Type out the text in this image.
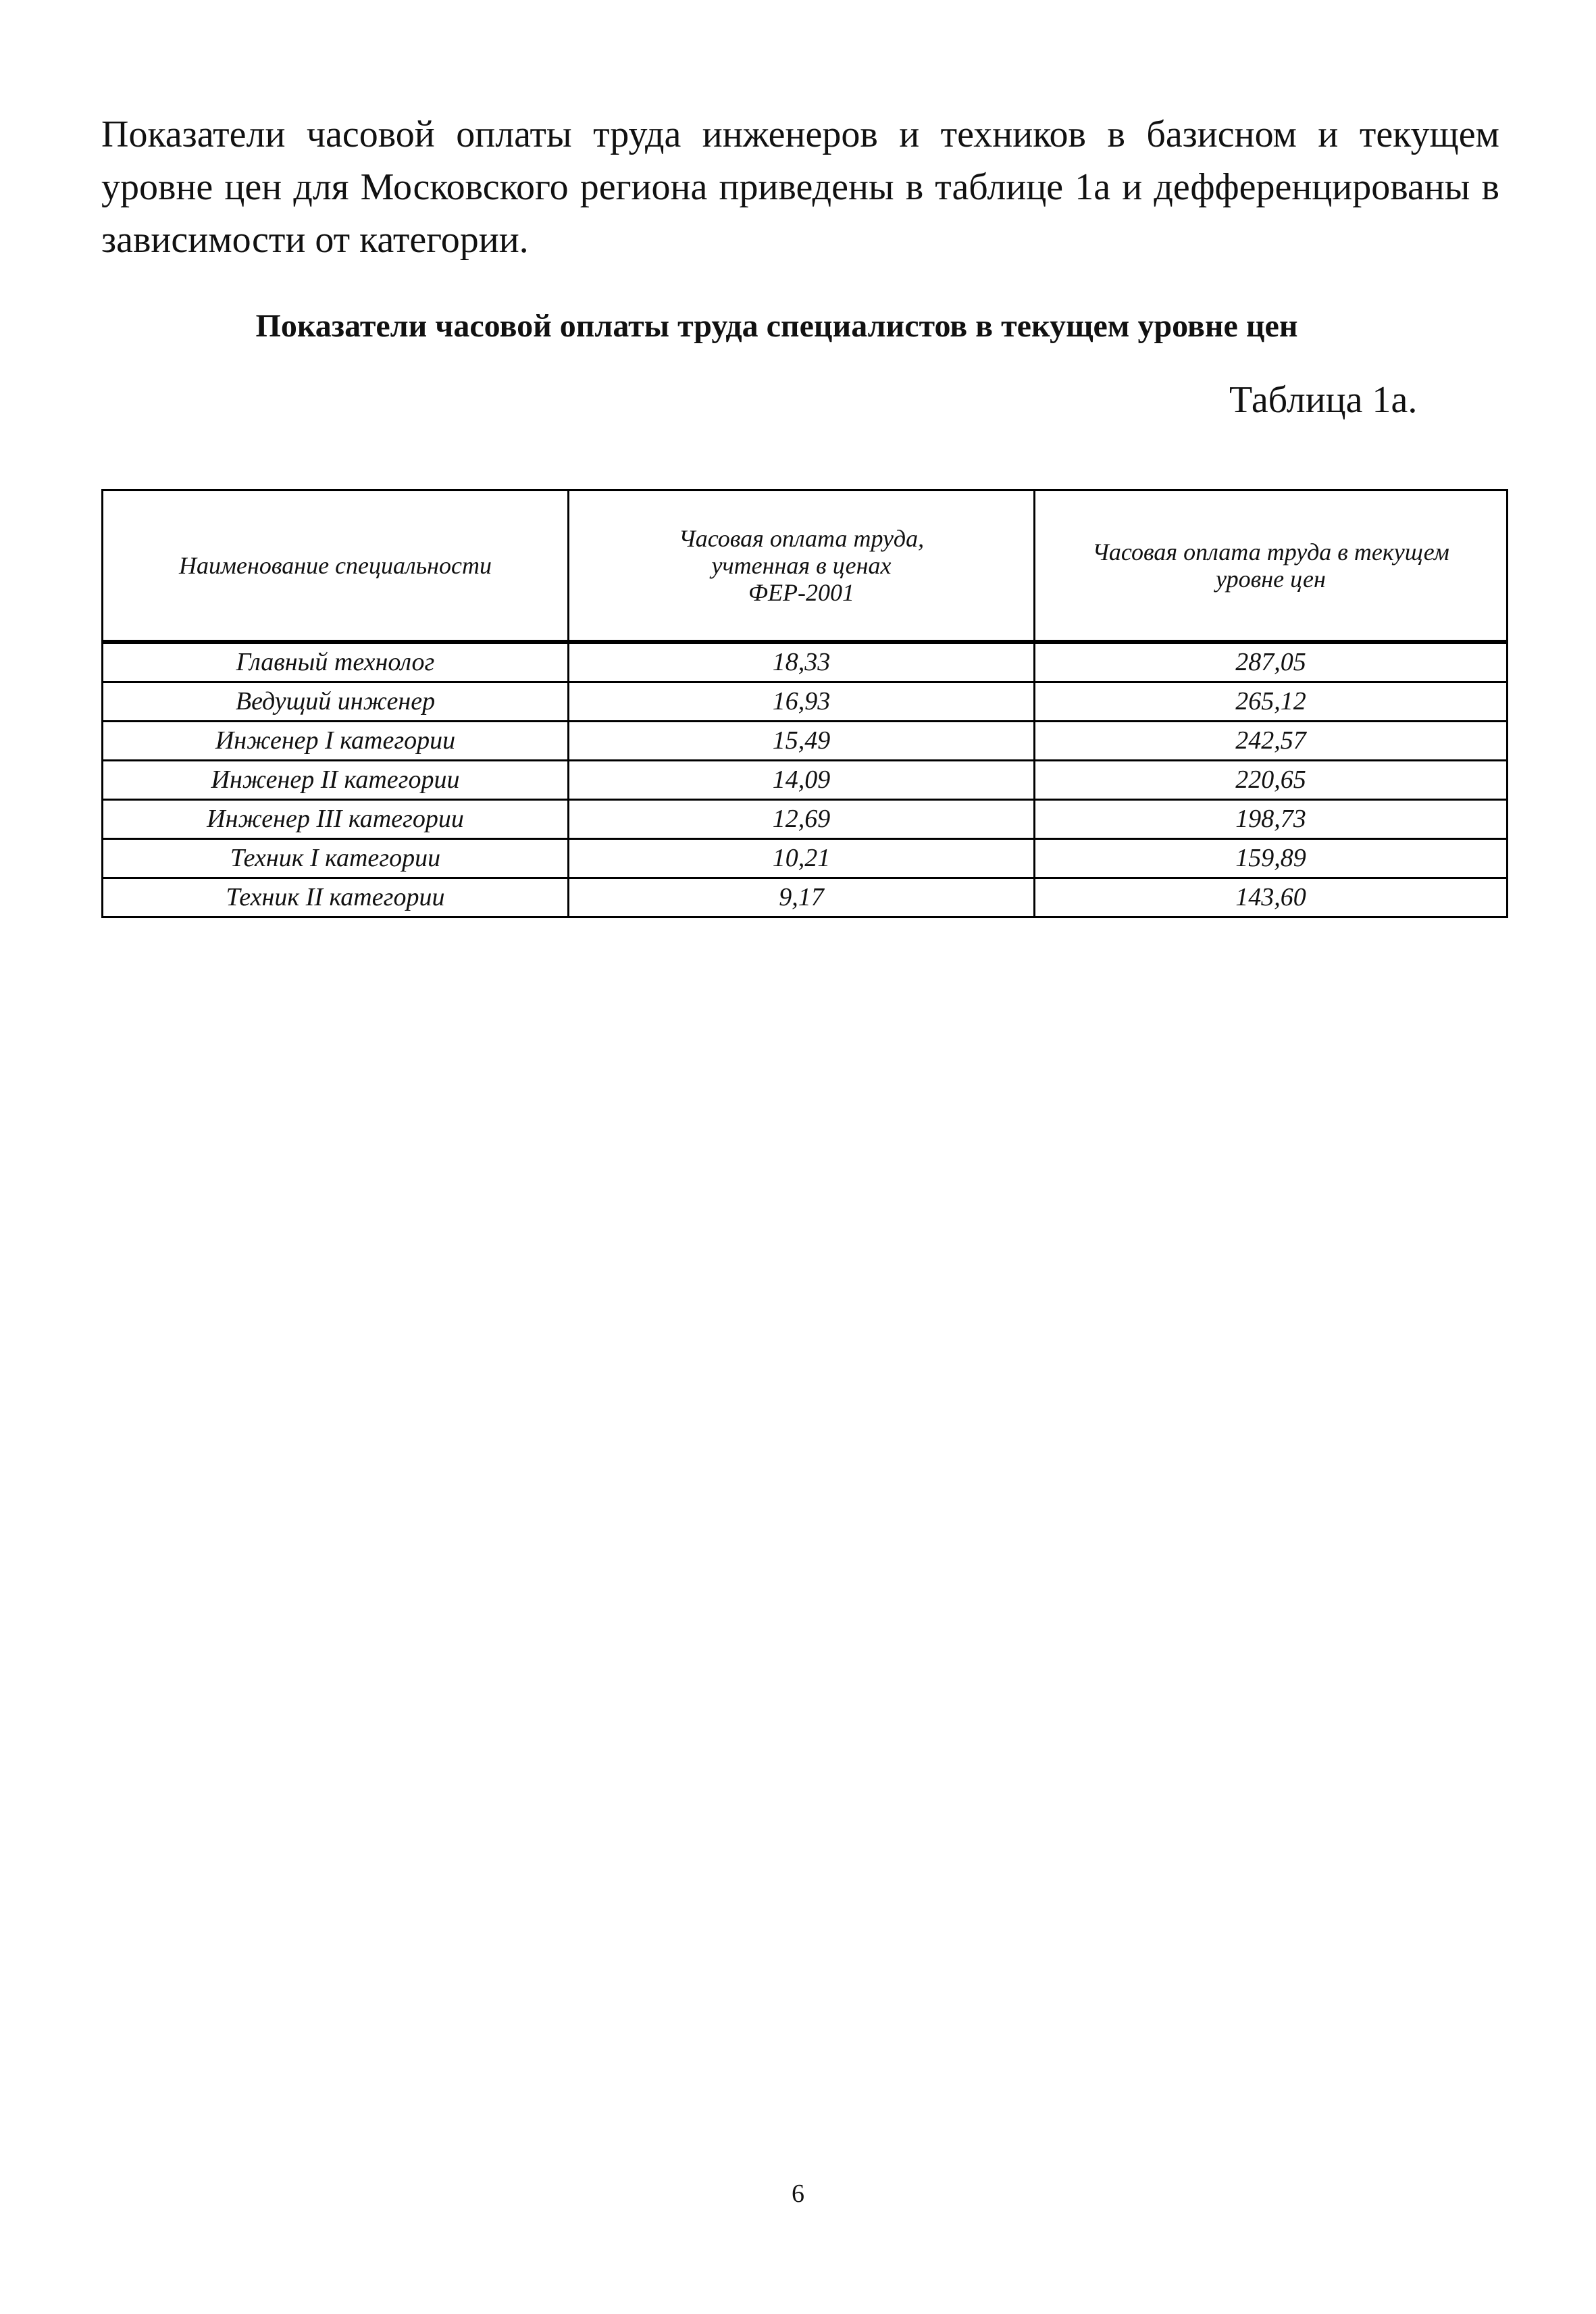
Показатели часовой оплаты труда инженеров и техников в базисном и текущем уровне цен для Московского региона приведены в таблице 1а и дефференцированы в зависимости от категории.

Показатели часовой оплаты труда специалистов в текущем уровне цен

Таблица 1а.

Наименование специальности	Часовая оплата труда, учтенная в ценах ФЕР-2001	Часовая оплата труда в текущем уровне цен
Главный технолог	18,33	287,05
Ведущий инженер	16,93	265,12
Инженер I категории	15,49	242,57
Инженер II категории	14,09	220,65
Инженер III категории	12,69	198,73
Техник I категории	10,21	159,89
Техник II категории	9,17	143,60
6
